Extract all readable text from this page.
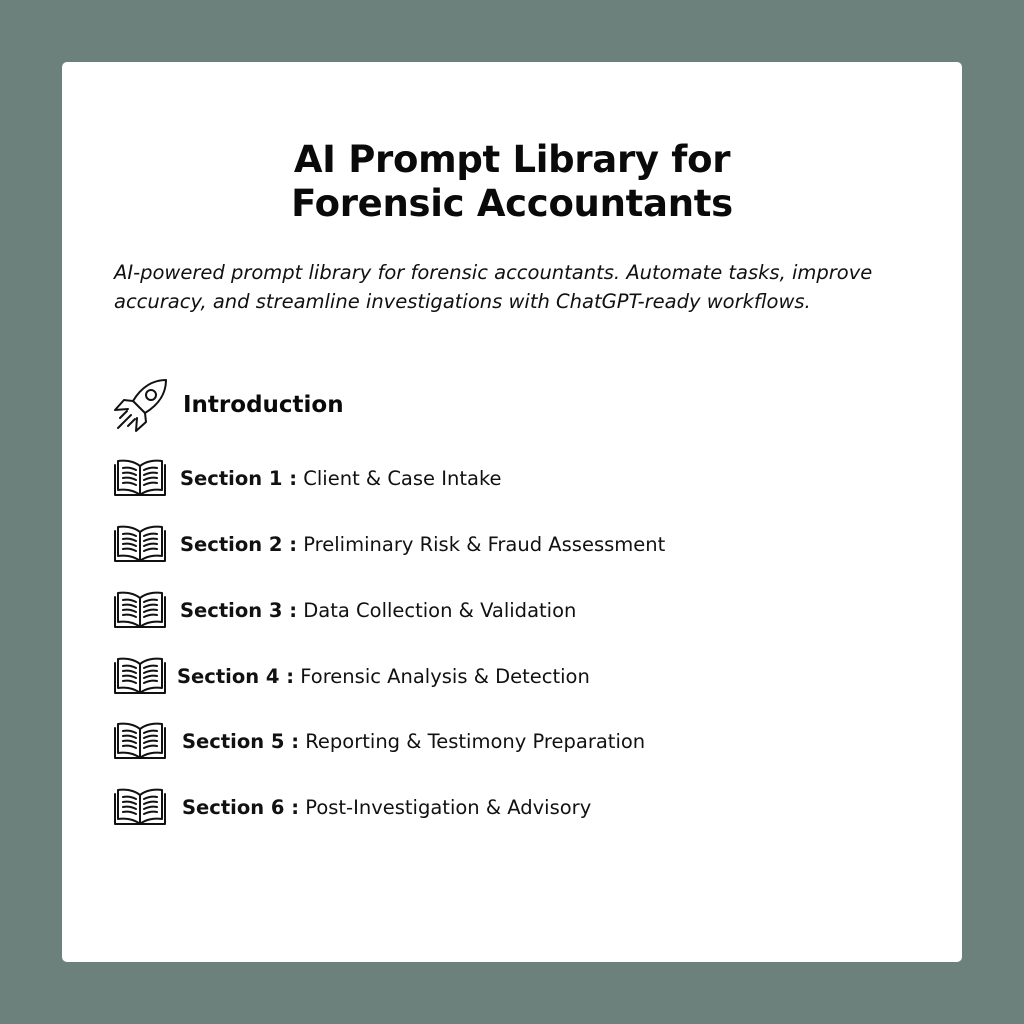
AI Prompt Library for
Forensic Accountants

AI-powered prompt library for forensic accountants. Automate tasks, improve accuracy, and streamline investigations with ChatGPT-ready workflows.

Introduction
Section 1 : Client & Case Intake
Section 2 : Preliminary Risk & Fraud Assessment
Section 3 : Data Collection & Validation
Section 4 : Forensic Analysis & Detection
Section 5 : Reporting & Testimony Preparation
Section 6 : Post-Investigation & Advisory
